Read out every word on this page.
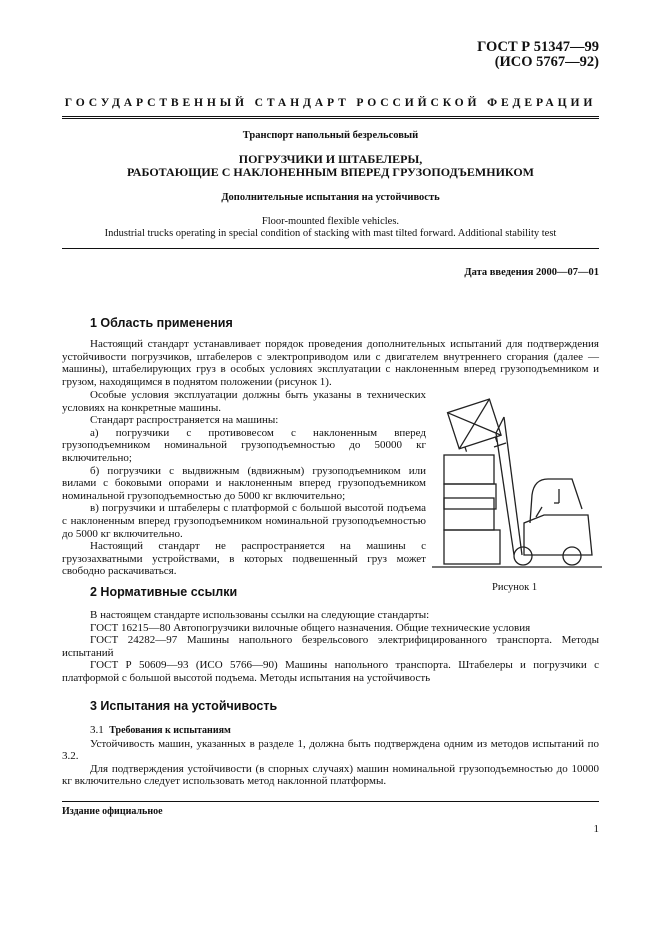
ГОСТ Р 51347—99
(ИСО 5767—92)
ГОСУДАРСТВЕННЫЙ СТАНДАРТ РОССИЙСКОЙ ФЕДЕРАЦИИ
Транспорт напольный безрельсовый
ПОГРУЗЧИКИ И ШТАБЕЛЕРЫ,
РАБОТАЮЩИЕ С НАКЛОНЕННЫМ ВПЕРЕД ГРУЗОПОДЪЕМНИКОМ
Дополнительные испытания на устойчивость
Floor-mounted flexible vehicles.
Industrial trucks operating in special condition of stacking with mast tilted forward. Additional stability test
Дата введения 2000—07—01
1 Область применения
Настоящий стандарт устанавливает порядок проведения дополнительных испытаний для подтверждения устойчивости погрузчиков, штабелеров с электроприводом или с двигателем внутреннего сгорания (далее — машины), штабелирующих груз в особых условиях эксплуатации с наклоненным вперед грузоподъемником и грузом, находящимся в поднятом положении (рисунок 1).
Особые условия эксплуатации должны быть указаны в технических условиях на конкретные машины.
Стандарт распространяется на машины:
а) погрузчики с противовесом с наклоненным вперед грузоподъемником номинальной грузоподъемностью до 50000 кг включительно;
б) погрузчики с выдвижным (вдвижным) грузоподъемником или вилами с боковыми опорами и наклоненным вперед грузоподъемником номинальной грузоподъемностью до 5000 кг включительно;
в) погрузчики и штабелеры с платформой с большой высотой подъема с наклоненным вперед грузоподъемником номинальной грузоподъемностью до 5000 кг включительно.
Настоящий стандарт не распространяется на машины с грузозахватными устройствами, в которых подвешенный груз может свободно раскачиваться.
Рисунок 1
2 Нормативные ссылки
В настоящем стандарте использованы ссылки на следующие стандарты:
ГОСТ 16215—80 Автопогрузчики вилочные общего назначения. Общие технические условия
ГОСТ 24282—97 Машины напольного безрельсового электрифицированного транспорта. Методы испытаний
ГОСТ Р 50609—93 (ИСО 5766—90) Машины напольного транспорта. Штабелеры и погрузчики с платформой с большой высотой подъема. Методы испытания на устойчивость
3 Испытания на устойчивость
3.1 Требования к испытаниям
Устойчивость машин, указанных в разделе 1, должна быть подтверждена одним из методов испытаний по 3.2.
Для подтверждения устойчивости (в спорных случаях) машин номинальной грузоподъемностью до 10000 кг включительно следует использовать метод наклонной платформы.
Издание официальное
1
